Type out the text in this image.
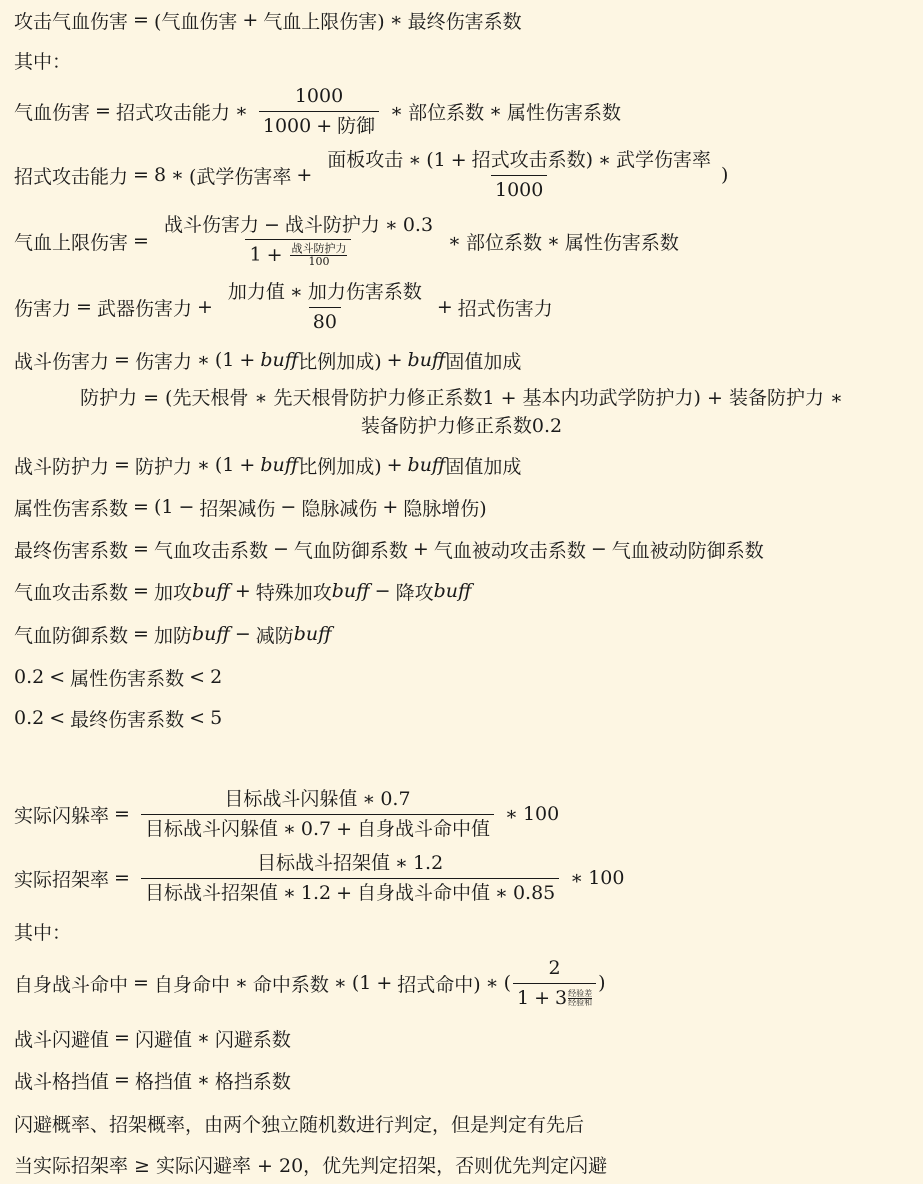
攻击气血伤害 = (气血伤害 + 气血上限伤害) ∗ 最终伤害系数
其中：
气血伤害 = 招式攻击能力 ∗ $\frac{1000}{\text{1000 + 防御}}$ ∗ 部位系数 ∗ 属性伤害系数
招式攻击能力 = 8 ∗ (武学伤害率 + $\frac{\text{面板攻击 ∗ (1 + 招式攻击系数) ∗ 武学伤害率}}{1000}$ )
气血上限伤害 = 战斗伤害力 − 战斗防护力 ∗ 0.3
1 + 战斗防护力
100 ∗ 部位系数 ∗ 属性伤害系数
伤害力 = 武器伤害力 + $\frac{\text{加力值 ∗ 加力伤害系数}}{80}$ + 招式伤害力
战斗伤害力 = 伤害力 ∗ (1 + buff 比例加成) + buff 固值加成
防护力 = (先天根骨 ∗ 先天根骨防护力修正系数1 + 基本内功武学防护力) + 装备防护力 ∗
装备防护力修正系数0.2
战斗防护力 = 防护力 ∗ (1 + buff 比例加成) + buff 固值加成
属性伤害系数 = (1 − 招架减伤 − 隐脉减伤 + 隐脉增伤)
最终伤害系数 = 气血攻击系数 − 气血防御系数 + 气血被动攻击系数 − 气血被动防御系数
气血攻击系数 = 加攻 buff + 特殊加攻 buff − 降攻 buff
气血防御系数 = 加防 buff − 减防 buff
0.2 < 属性伤害系数 < 2
0.2 < 最终伤害系数 < 5
实际闪躲率 = $\frac{\text{目标战斗闪躲值 ∗ 0.7}}{\text{目标战斗闪躲值 ∗ 0.7 + 自身战斗命中值}}$ ∗ 100
实际招架率 = $\frac{\text{目标战斗招架值 ∗ 1.2}}{\text{目标战斗招架值 ∗ 1.2 + 自身战斗命中值 ∗ 0.85}}$ ∗ 100
其中：
自身战斗命中 = 自身命中 ∗ 命中系数 ∗ (1 + 招式命中) ∗ ( 2
1 + 3 经验差
经验和 )
战斗闪避值 = 闪避值 ∗ 闪避系数
战斗格挡值 = 格挡值 ∗ 格挡系数
闪避概率、招架概率，由两个独立随机数进行判定，但是判定有先后
当实际招架率 ≥ 实际闪避率 + 20，优先判定招架，否则优先判定闪避
